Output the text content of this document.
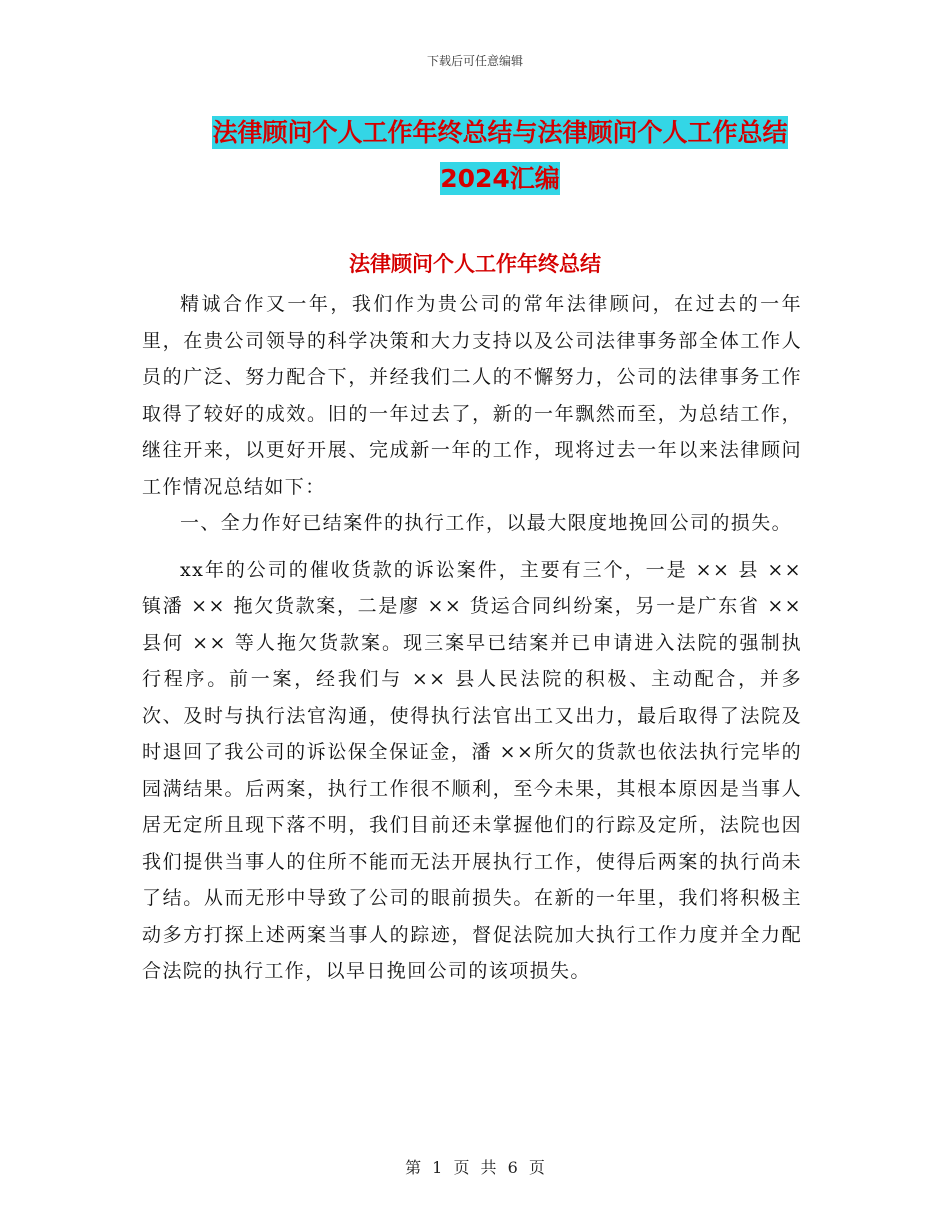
下载后可任意编辑
法律顾问个人工作年终总结与法律顾问个人工作总结
2024汇编
法律顾问个人工作年终总结

精诚合作又一年，我们作为贵公司的常年法律顾问，在过去的一年里，在贵公司领导的科学决策和大力支持以及公司法律事务部全体工作人员的广泛、努力配合下，并经我们二人的不懈努力，公司的法律事务工作取得了较好的成效。旧的一年过去了，新的一年飘然而至，为总结工作，继往开来，以更好开展、完成新一年的工作，现将过去一年以来法律顾问工作情况总结如下：

一、全力作好已结案件的执行工作，以最大限度地挽回公司的损失。

xx年的公司的催收货款的诉讼案件，主要有三个，一是 ×× 县 ×× 镇潘 ×× 拖欠货款案，二是廖 ×× 货运合同纠纷案，另一是广东省 ×× 县何 ×× 等人拖欠货款案。现三案早已结案并已申请进入法院的强制执行程序。前一案，经我们与 ×× 县人民法院的积极、主动配合，并多次、及时与执行法官沟通，使得执行法官出工又出力，最后取得了法院及时退回了我公司的诉讼保全保证金，潘 ××所欠的货款也依法执行完毕的园满结果。后两案，执行工作很不顺利，至今未果，其根本原因是当事人居无定所且现下落不明，我们目前还未掌握他们的行踪及定所，法院也因我们提供当事人的住所不能而无法开展执行工作，使得后两案的执行尚未了结。从而无形中导致了公司的眼前损失。在新的一年里，我们将积极主动多方打探上述两案当事人的踪迹，督促法院加大执行工作力度并全力配合法院的执行工作，以早日挽回公司的该项损失。

第 1 页 共 6 页
